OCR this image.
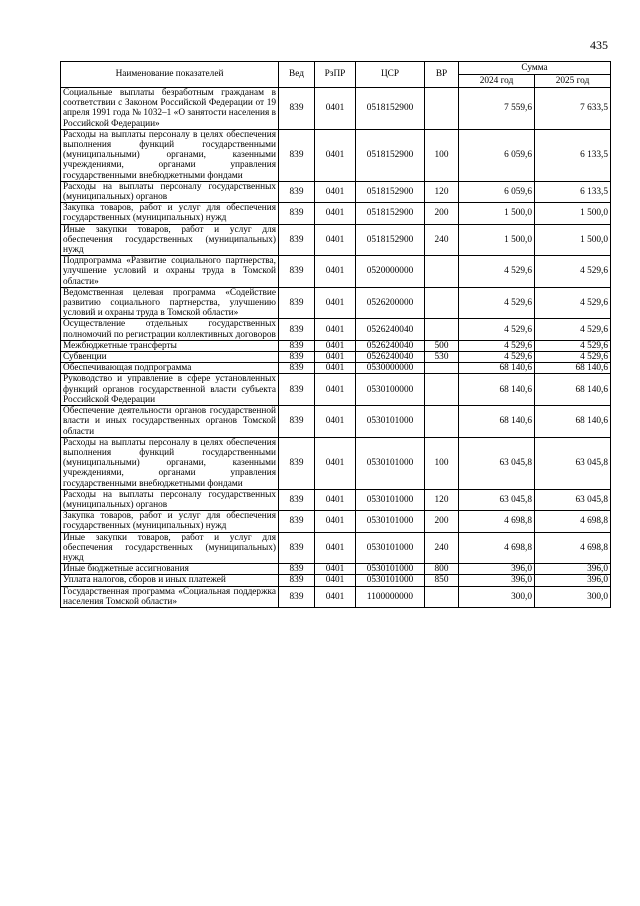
435
Наименование показателей	Вед	РзПР	ЦСР	ВР	Сумма	
					2024 год	2025 год
Социальные выплаты безработным гражданам в соответствии с Законом Российской Федерации от 19 апреля 1991 года № 1032–1 «О занятости населения в Российской Федерации»	839	0401	0518152900		7 559,6	7 633,5
Расходы на выплаты персоналу в целях обеспечения выполнения функций государственными (муниципальными) органами, казенными учреждениями, органами управления государственными внебюджетными фондами	839	0401	0518152900	100	6 059,6	6 133,5
Расходы на выплаты персоналу государственных (муниципальных) органов	839	0401	0518152900	120	6 059,6	6 133,5
Закупка товаров, работ и услуг для обеспечения государственных (муниципальных) нужд	839	0401	0518152900	200	1 500,0	1 500,0
Иные закупки товаров, работ и услуг для обеспечения государственных (муниципальных) нужд	839	0401	0518152900	240	1 500,0	1 500,0
Подпрограмма «Развитие социального партнерства, улучшение условий и охраны труда в Томской области»	839	0401	0520000000		4 529,6	4 529,6
Ведомственная целевая программа «Содействие развитию социального партнерства, улучшению условий и охраны труда в Томской области»	839	0401	0526200000		4 529,6	4 529,6
Осуществление отдельных государственных полномочий по регистрации коллективных договоров	839	0401	0526240040		4 529,6	4 529,6
Межбюджетные трансферты	839	0401	0526240040	500	4 529,6	4 529,6
Субвенции	839	0401	0526240040	530	4 529,6	4 529,6
Обеспечивающая подпрограмма	839	0401	0530000000		68 140,6	68 140,6
Руководство и управление в сфере установленных функций органов государственной власти субъекта Российской Федерации	839	0401	0530100000		68 140,6	68 140,6
Обеспечение деятельности органов государственной власти и иных государственных органов Томской области	839	0401	0530101000		68 140,6	68 140,6
Расходы на выплаты персоналу в целях обеспечения выполнения функций государственными (муниципальными) органами, казенными учреждениями, органами управления государственными внебюджетными фондами	839	0401	0530101000	100	63 045,8	63 045,8
Расходы на выплаты персоналу государственных (муниципальных) органов	839	0401	0530101000	120	63 045,8	63 045,8
Закупка товаров, работ и услуг для обеспечения государственных (муниципальных) нужд	839	0401	0530101000	200	4 698,8	4 698,8
Иные закупки товаров, работ и услуг для обеспечения государственных (муниципальных) нужд	839	0401	0530101000	240	4 698,8	4 698,8
Иные бюджетные ассигнования	839	0401	0530101000	800	396,0	396,0
Уплата налогов, сборов и иных платежей	839	0401	0530101000	850	396,0	396,0
Государственная программа «Социальная поддержка населения Томской области»	839	0401	1100000000		300,0	300,0
